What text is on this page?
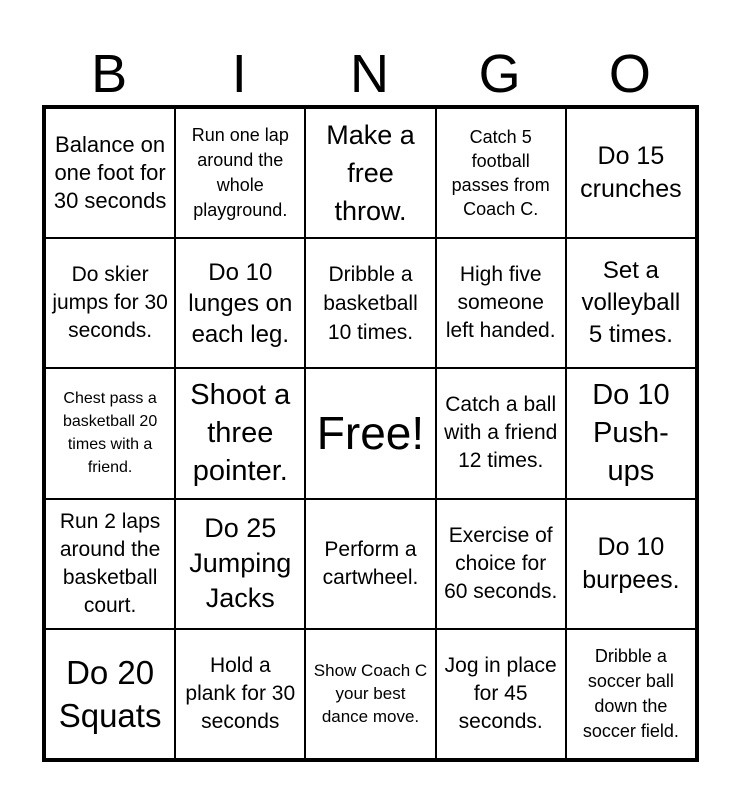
B	I	N	G	O
Balance on one foot for 30 seconds
Run one lap around the whole playground.
Make a free throw.
Catch 5 football passes from Coach C.
Do 15 crunches
Do skier jumps for 30 seconds.
Do 10 lunges on each leg.
Dribble a basketball 10 times.
High five someone left handed.
Set a volleyball 5 times.
Chest pass a basketball 20 times with a friend.
Shoot a three pointer.
Free!
Catch a ball with a friend 12 times.
Do 10 Push-ups
Run 2 laps around the basketball court.
Do 25 Jumping Jacks
Perform a cartwheel.
Exercise of choice for 60 seconds.
Do 10 burpees.
Do 20 Squats
Hold a plank for 30 seconds
Show Coach C your best dance move.
Jog in place for 45 seconds.
Dribble a soccer ball down the soccer field.
